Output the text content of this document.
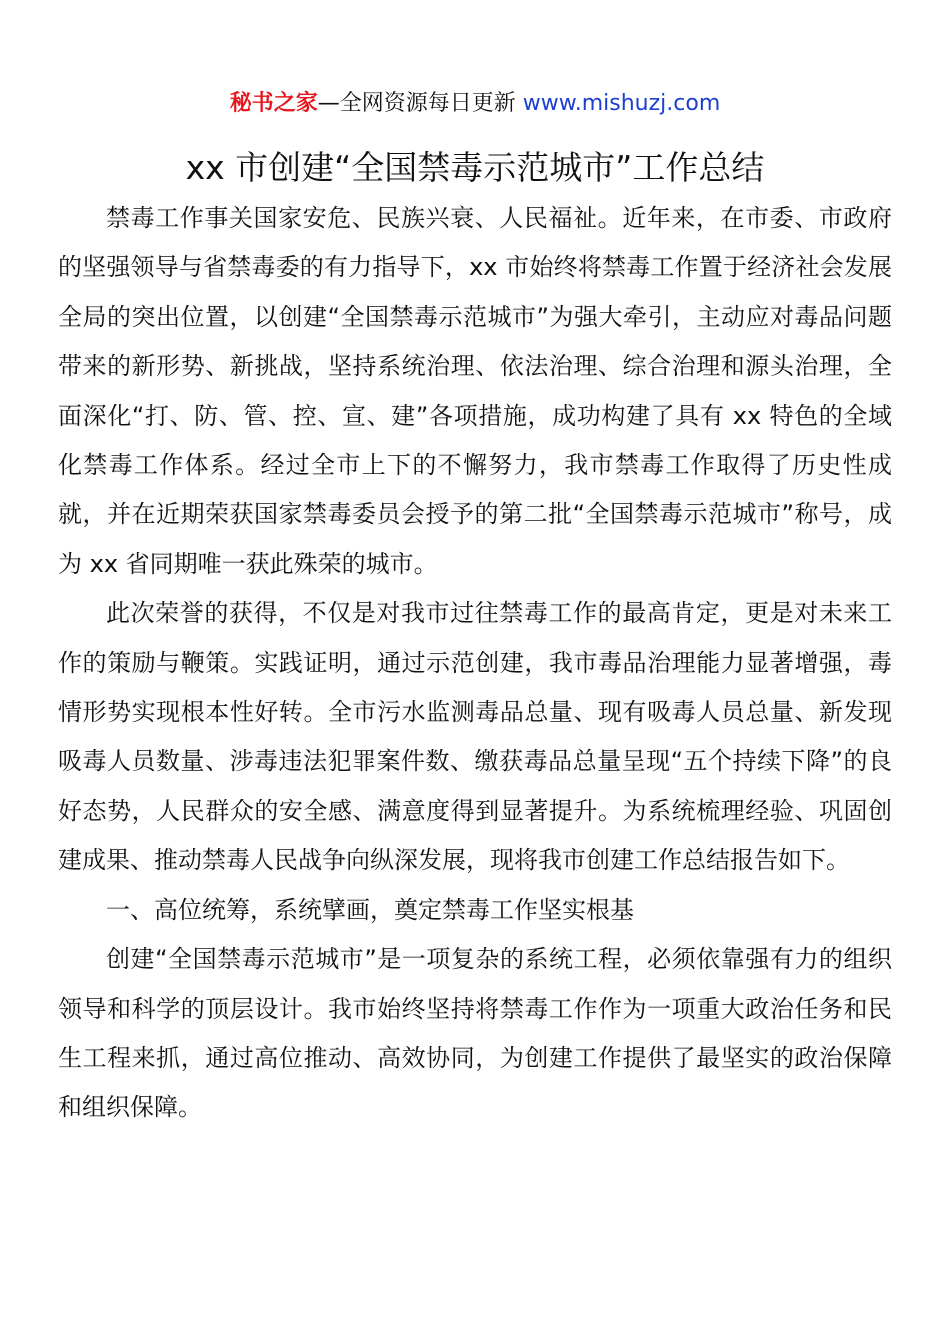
秘书之家—全网资源每日更新 www.mishuzj.com
xx 市创建“全国禁毒示范城市”工作总结

禁毒工作事关国家安危、民族兴衰、人民福祉。近年来，在市委、市政府的坚强领导与省禁毒委的有力指导下，xx 市始终将禁毒工作置于经济社会发展全局的突出位置，以创建“全国禁毒示范城市”为强大牵引，主动应对毒品问题带来的新形势、新挑战，坚持系统治理、依法治理、综合治理和源头治理，全面深化“打、防、管、控、宣、建”各项措施，成功构建了具有 xx 特色的全域化禁毒工作体系。经过全市上下的不懈努力，我市禁毒工作取得了历史性成就，并在近期荣获国家禁毒委员会授予的第二批“全国禁毒示范城市”称号，成为 xx 省同期唯一获此殊荣的城市。

此次荣誉的获得，不仅是对我市过往禁毒工作的最高肯定，更是对未来工作的策励与鞭策。实践证明，通过示范创建，我市毒品治理能力显著增强，毒情形势实现根本性好转。全市污水监测毒品总量、现有吸毒人员总量、新发现吸毒人员数量、涉毒违法犯罪案件数、缴获毒品总量呈现“五个持续下降”的良好态势，人民群众的安全感、满意度得到显著提升。为系统梳理经验、巩固创建成果、推动禁毒人民战争向纵深发展，现将我市创建工作总结报告如下。

一、高位统筹，系统擘画，奠定禁毒工作坚实根基

创建“全国禁毒示范城市”是一项复杂的系统工程，必须依靠强有力的组织领导和科学的顶层设计。我市始终坚持将禁毒工作作为一项重大政治任务和民生工程来抓，通过高位推动、高效协同，为创建工作提供了最坚实的政治保障和组织保障。
